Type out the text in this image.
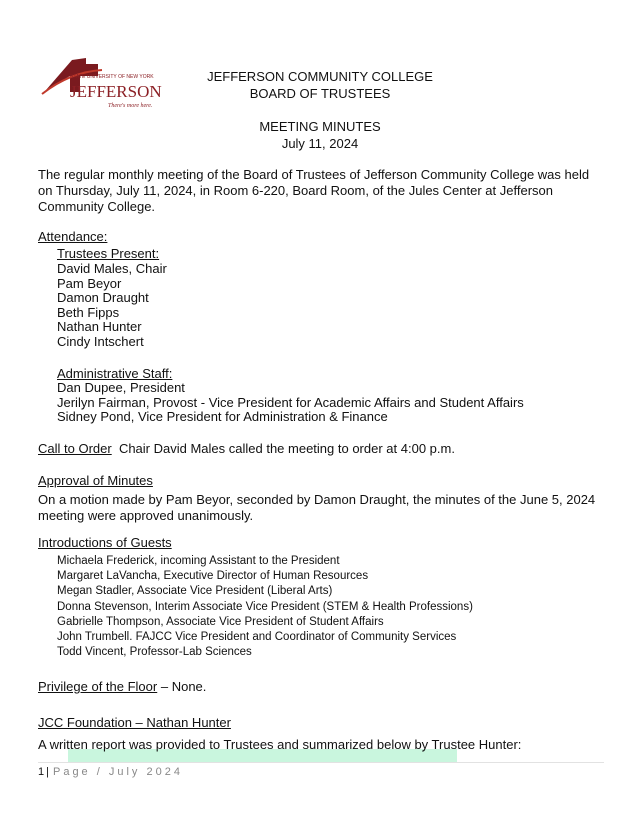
STATE UNIVERSITY OF NEW YORK
JEFFERSON
There's more here.
JEFFERSON COMMUNITY COLLEGE
BOARD OF TRUSTEES
MEETING MINUTES
July 11, 2024
The regular monthly meeting of the Board of Trustees of Jefferson Community College was held on Thursday, July 11, 2024, in Room 6-220, Board Room, of the Jules Center at Jefferson Community College.
Attendance:
Trustees Present:
David Males, Chair
Pam Beyor
Damon Draught
Beth Fipps
Nathan Hunter
Cindy Intschert
Administrative Staff:
Dan Dupee, President
Jerilyn Fairman, Provost - Vice President for Academic Affairs and Student Affairs
Sidney Pond, Vice President for Administration & Finance
Call to Order Chair David Males called the meeting to order at 4:00 p.m.
Approval of Minutes
On a motion made by Pam Beyor, seconded by Damon Draught, the minutes of the June 5, 2024 meeting were approved unanimously.
Introductions of Guests
Michaela Frederick, incoming Assistant to the President
Margaret LaVancha, Executive Director of Human Resources
Megan Stadler, Associate Vice President (Liberal Arts)
Donna Stevenson, Interim Associate Vice President (STEM & Health Professions)
Gabrielle Thompson, Associate Vice President of Student Affairs
John Trumbell. FAJCC Vice President and Coordinator of Community Services
Todd Vincent, Professor-Lab Sciences
Privilege of the Floor – None.
JCC Foundation – Nathan Hunter
A written report was provided to Trustees and summarized below by Trustee Hunter:
1 | Page / July 2024
